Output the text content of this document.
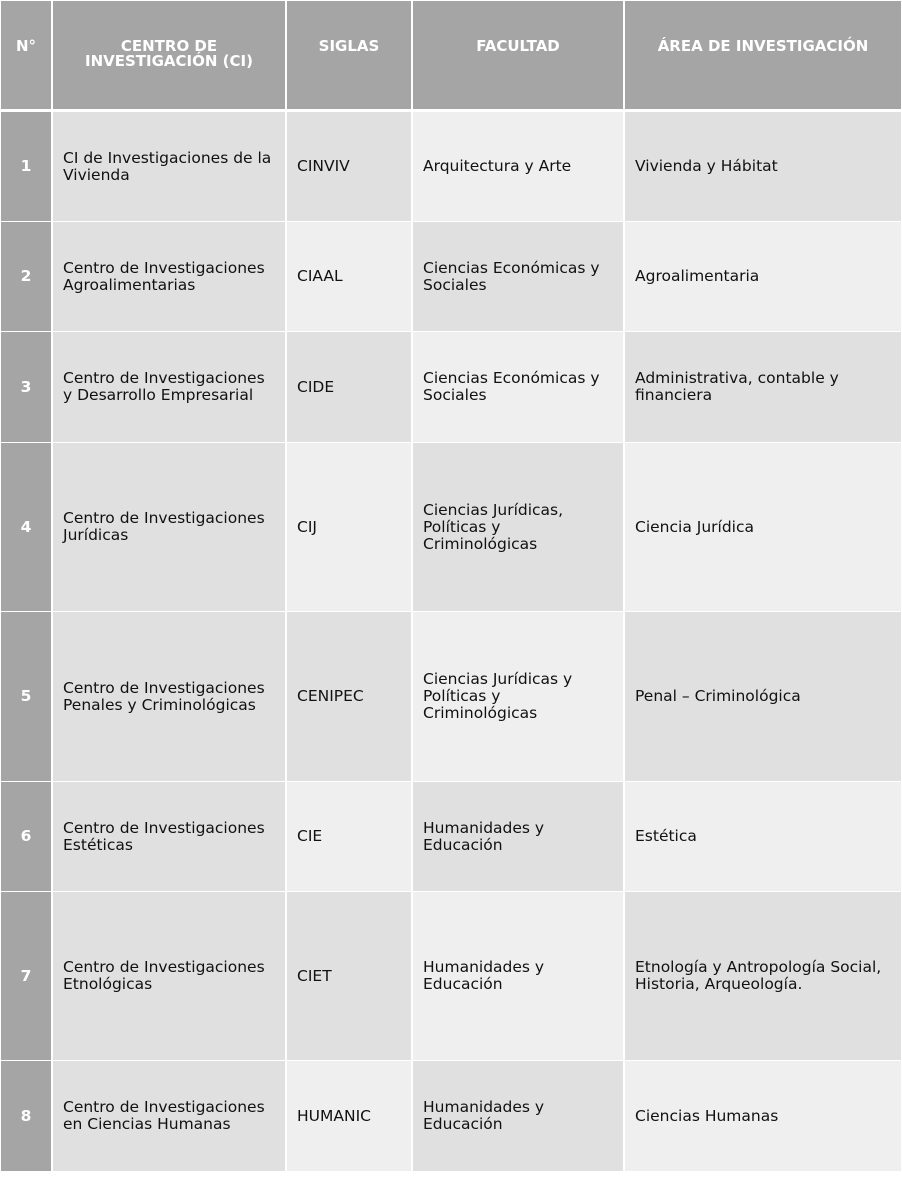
N°	CENTRO DE INVESTIGACIÓN (CI)	SIGLAS	FACULTAD	ÁREA DE INVESTIGACIÓN

1	CI de Investigaciones de la Vivienda	CINVIV	Arquitectura y Arte	Vivienda y Hábitat
2	Centro de Investigaciones Agroalimentarias	CIAAL	Ciencias Económicas y Sociales	Agroalimentaria
3	Centro de Investigaciones y Desarrollo Empresarial	CIDE	Ciencias Económicas y Sociales	Administrativa, contable y financiera
4	Centro de Investigaciones Jurídicas	CIJ	Ciencias Jurídicas, Políticas y Criminológicas	Ciencia Jurídica
5	Centro de Investigaciones Penales y Criminológicas	CENIPEC	Ciencias Jurídicas y Políticas y Criminológicas	Penal – Criminológica
6	Centro de Investigaciones Estéticas	CIE	Humanidades y Educación	Estética
7	Centro de Investigaciones Etnológicas	CIET	Humanidades y Educación	Etnología y Antropología Social, Historia, Arqueología.
8	Centro de Investigaciones en Ciencias Humanas	HUMANIC	Humanidades y Educación	Ciencias Humanas
